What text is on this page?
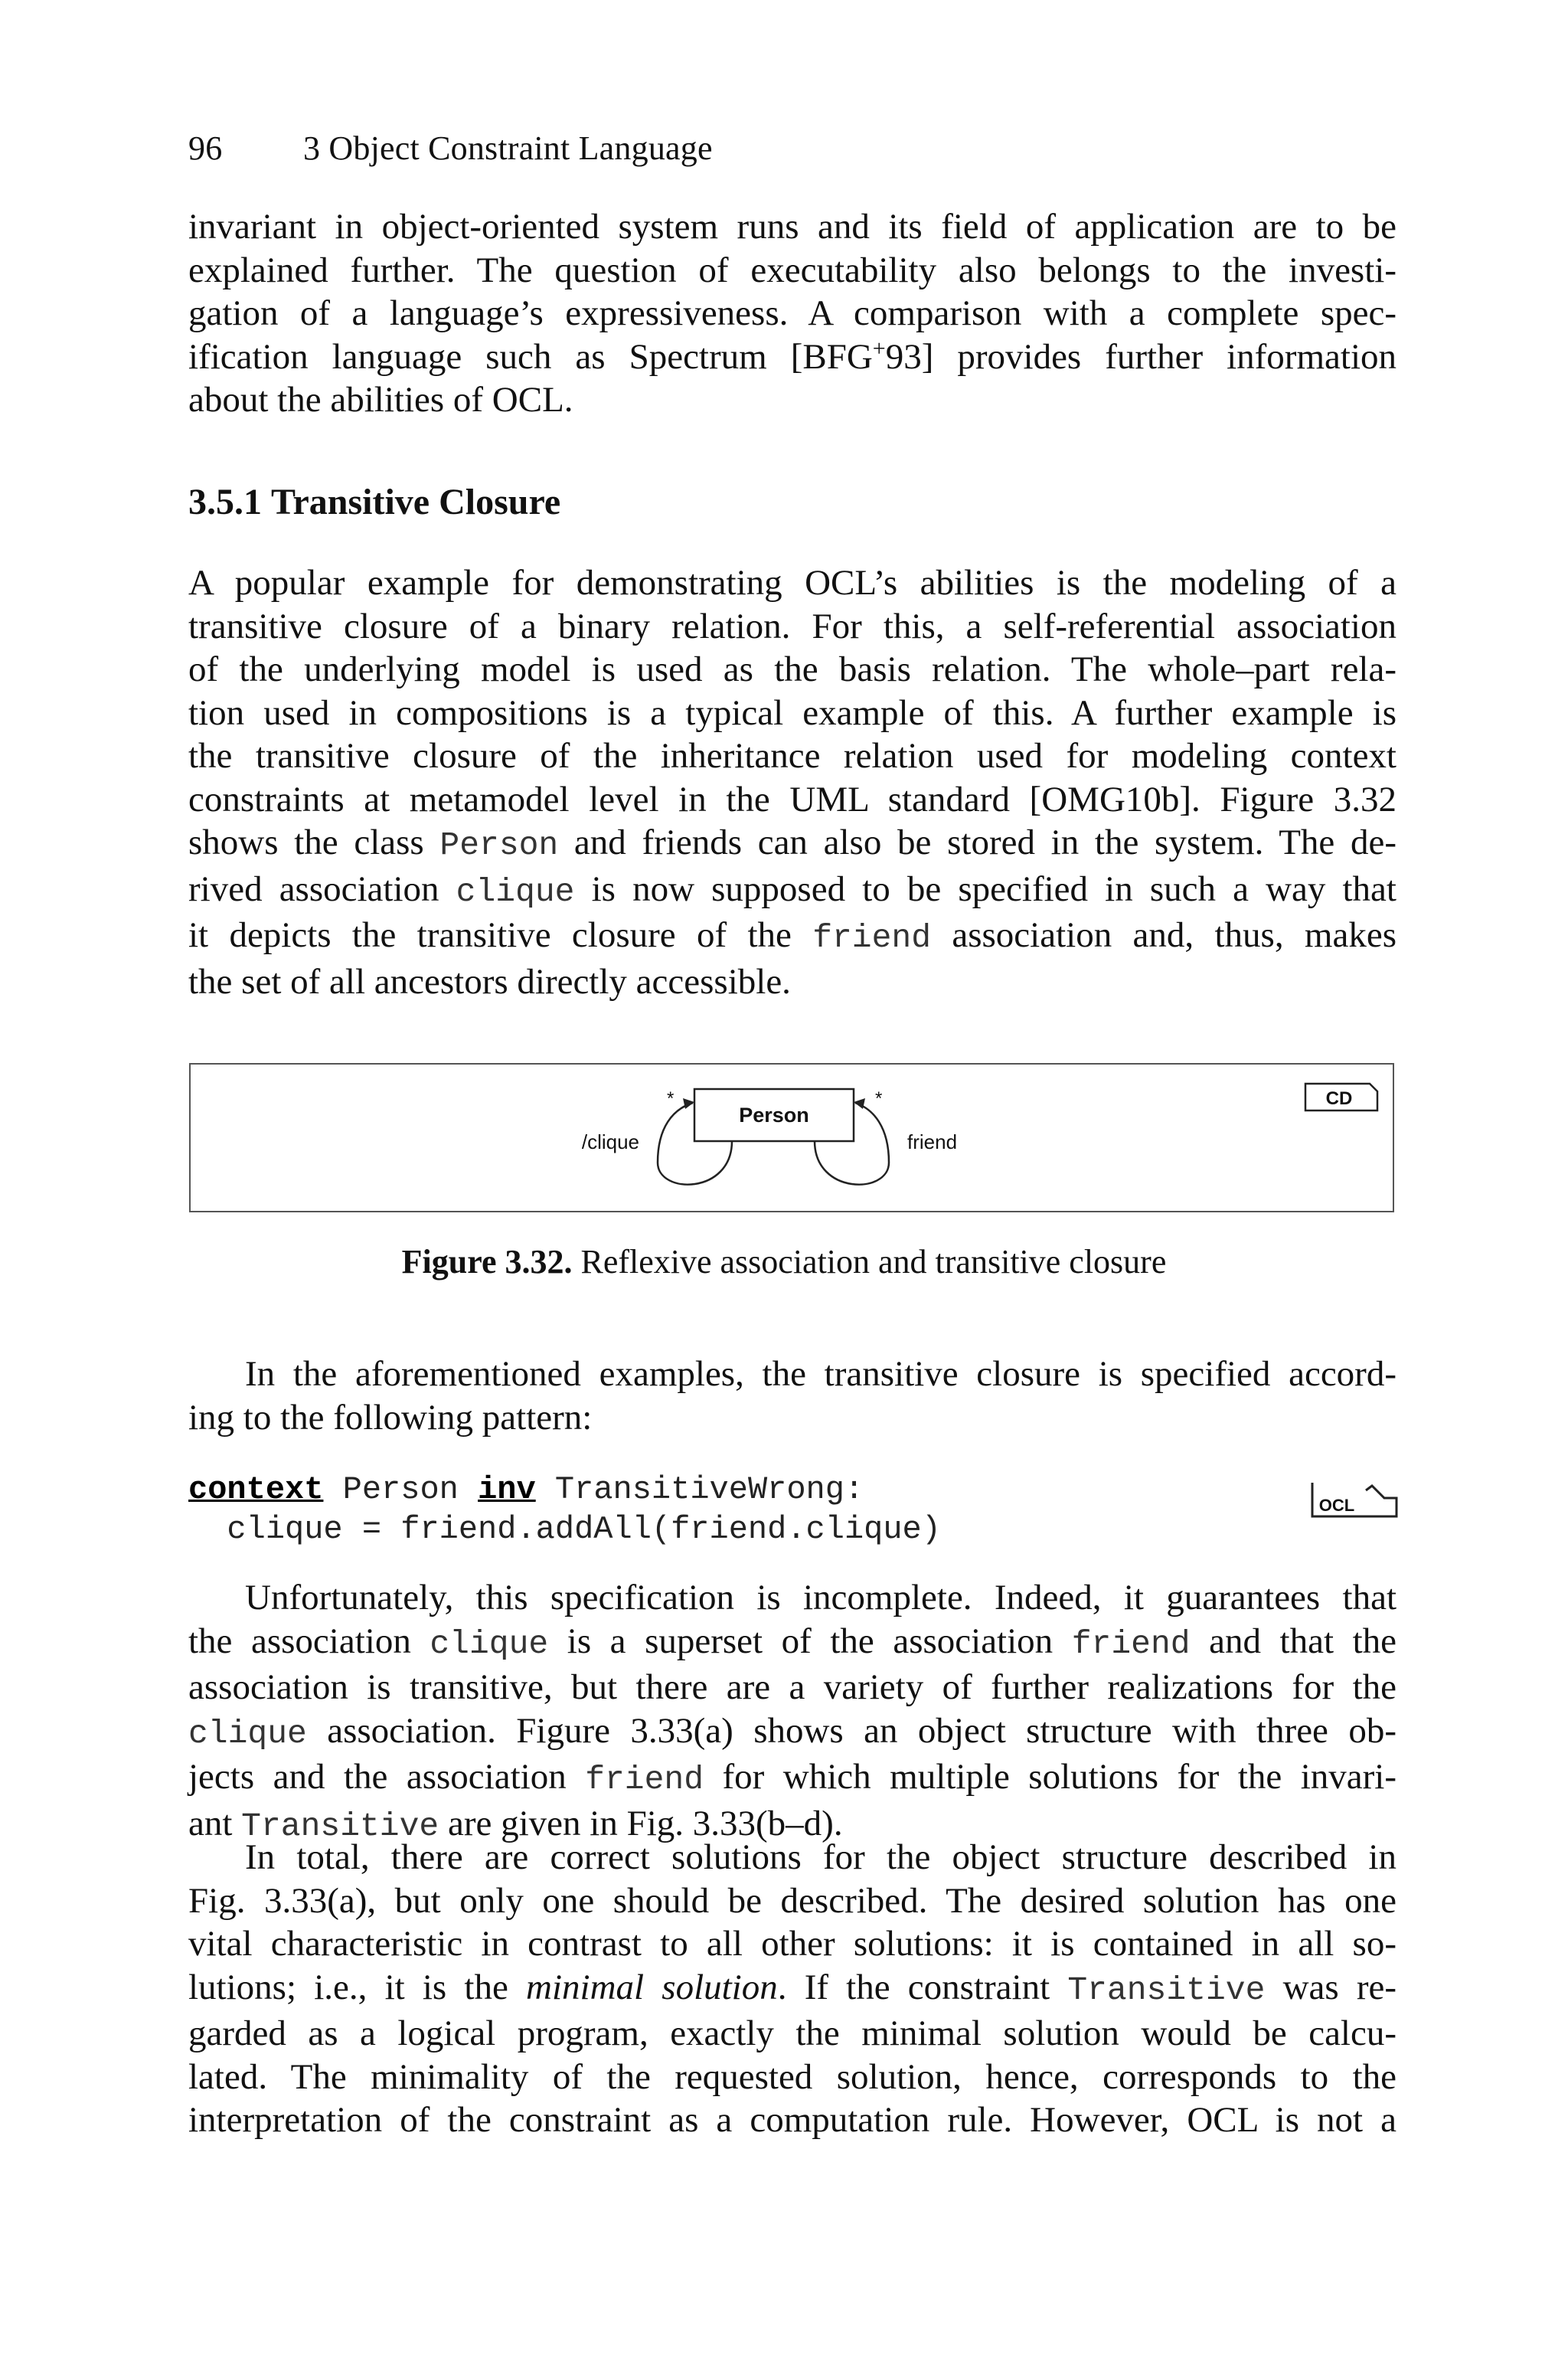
96 3 Object Constraint Language

invariant in object-oriented system runs and its field of application are to be

explained further. The question of executability also belongs to the investi-

gation of a language’s expressiveness. A comparison with a complete spec-

ification language such as Spectrum [BFG+93] provides further information

about the abilities of OCL.

3.5.1 Transitive Closure

A popular example for demonstrating OCL’s abilities is the modeling of a

transitive closure of a binary relation. For this, a self-referential association

of the underlying model is used as the basis relation. The whole–part rela-

tion used in compositions is a typical example of this. A further example is

the transitive closure of the inheritance relation used for modeling context

constraints at metamodel level in the UML standard [OMG10b]. Figure 3.32

shows the class Person and friends can also be stored in the system. The de-

rived association clique is now supposed to be specified in such a way that

it depicts the transitive closure of the friend association and, thus, makes

the set of all ancestors directly accessible.

Person
*	*
/clique	friend
CD
Figure 3.32. Reflexive association and transitive closure

In the aforementioned examples, the transitive closure is specified accord-

ing to the following pattern:

context Person inv TransitiveWrong:
clique = friend.addAll(friend.clique)
OCL

Unfortunately, this specification is incomplete. Indeed, it guarantees that

the association clique is a superset of the association friend and that the

association is transitive, but there are a variety of further realizations for the

clique association. Figure 3.33(a) shows an object structure with three ob-

jects and the association friend for which multiple solutions for the invari-

ant Transitive are given in Fig. 3.33(b–d).

In total, there are correct solutions for the object structure described in

Fig. 3.33(a), but only one should be described. The desired solution has one

vital characteristic in contrast to all other solutions: it is contained in all so-

lutions; i.e., it is the minimal solution. If the constraint Transitive was re-

garded as a logical program, exactly the minimal solution would be calcu-

lated. The minimality of the requested solution, hence, corresponds to the

interpretation of the constraint as a computation rule. However, OCL is not a
